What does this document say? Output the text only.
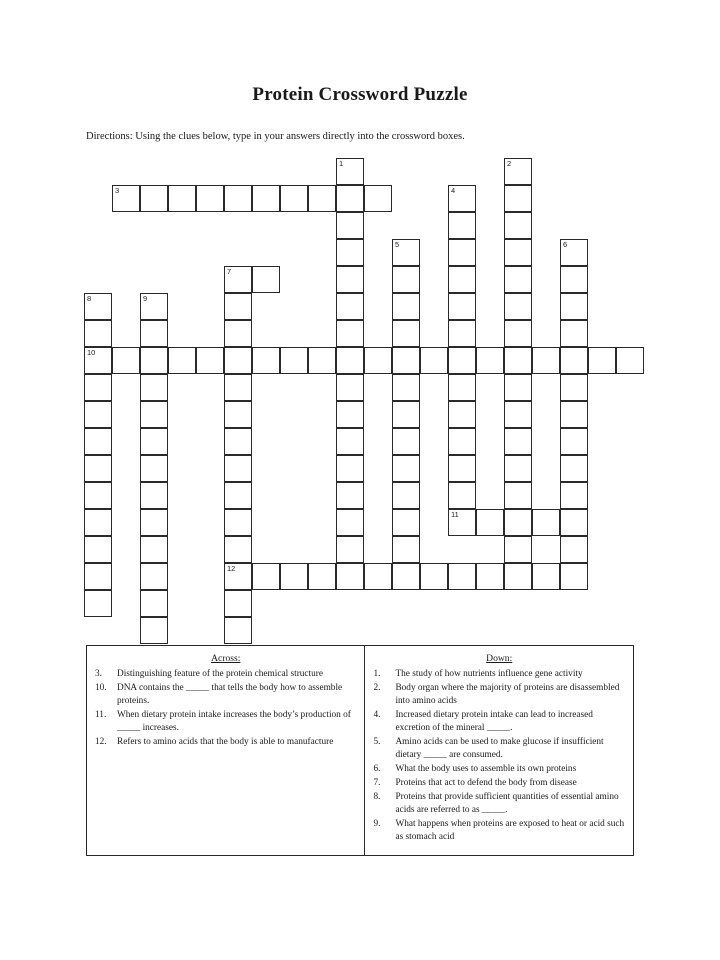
Protein Crossword Puzzle
Directions: Using the clues below, type in your answers directly into the crossword boxes.
1	2
3	4
5	6
7
8	9
10
11
12
Across:
3.	Distinguishing feature of the protein chemical structure
10.	DNA contains the _____ that tells the body how to assemble proteins.
11.	When dietary protein intake increases the body’s production of _____ increases.
12.	Refers to amino acids that the body is able to manufacture
Down:
1.	The study of how nutrients influence gene activity
2.	Body organ where the majority of proteins are disassembled into amino acids
4.	Increased dietary protein intake can lead to increased excretion of the mineral _____.
5.	Amino acids can be used to make glucose if insufficient dietary _____ are consumed.
6.	What the body uses to assemble its own proteins
7.	Proteins that act to defend the body from disease
8.	Proteins that provide sufficient quantities of essential amino acids are referred to as _____.
9.	What happens when proteins are exposed to heat or acid such as stomach acid
